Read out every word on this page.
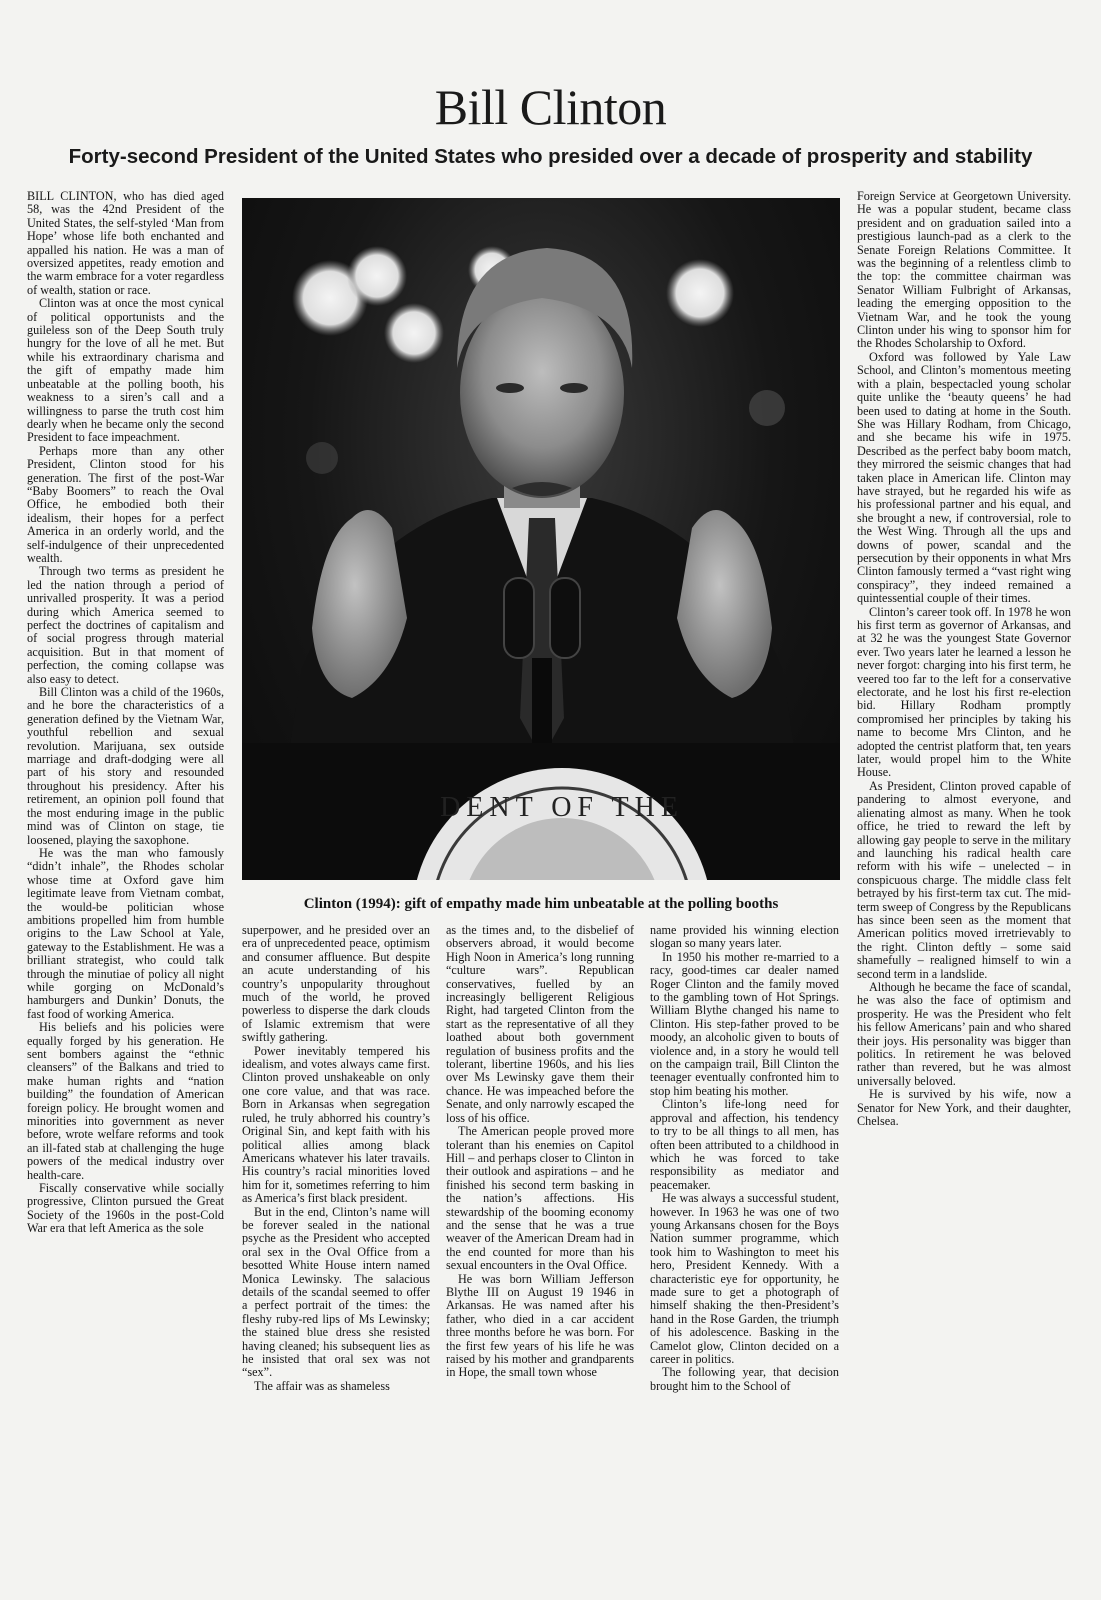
Bill Clinton
Forty-second President of the United States who presided over a decade of prosperity and stability

BILL CLINTON, who has died aged 58, was the 42nd President of the United States, the self-styled ‘Man from Hope’ whose life both enchanted and appalled his nation. He was a man of oversized appetites, ready emotion and the warm embrace for a voter regardless of wealth, station or race.

Clinton was at once the most cynical of political opportunists and the guileless son of the Deep South truly hungry for the love of all he met. But while his extraordinary charisma and the gift of empathy made him unbeatable at the polling booth, his weakness to a siren’s call and a willingness to parse the truth cost him dearly when he became only the second President to face impeachment.

Perhaps more than any other President, Clinton stood for his generation. The first of the post-War “Baby Boomers” to reach the Oval Office, he embodied both their idealism, their hopes for a perfect America in an orderly world, and the self-indulgence of their unprecedented wealth.

Through two terms as president he led the nation through a period of unrivalled prosperity. It was a period during which America seemed to perfect the doctrines of capitalism and of social progress through material acquisition. But in that moment of perfection, the coming collapse was also easy to detect.

Bill Clinton was a child of the 1960s, and he bore the characteristics of a generation defined by the Vietnam War, youthful rebellion and sexual revolution. Marijuana, sex outside marriage and draft-dodging were all part of his story and resounded throughout his presidency. After his retirement, an opinion poll found that the most enduring image in the public mind was of Clinton on stage, tie loosened, playing the saxophone.

He was the man who famously “didn’t inhale”, the Rhodes scholar whose time at Oxford gave him legitimate leave from Vietnam combat, the would-be politician whose ambitions propelled him from humble origins to the Law School at Yale, gateway to the Establishment. He was a brilliant strategist, who could talk through the minutiae of policy all night while gorging on McDonald’s hamburgers and Dunkin’ Donuts, the fast food of working America.

His beliefs and his policies were equally forged by his generation. He sent bombers against the “ethnic cleansers” of the Balkans and tried to make human rights and “nation building” the foundation of American foreign policy. He brought women and minorities into government as never before, wrote welfare reforms and took an ill-fated stab at challenging the huge powers of the medical industry over health-care.

Fiscally conservative while socially progressive, Clinton pursued the Great Society of the 1960s in the post-Cold War era that left America as the sole

DENT OF THE

Clinton (1994): gift of empathy made him unbeatable at the polling booths

superpower, and he presided over an era of unprecedented peace, optimism and consumer affluence. But despite an acute understanding of his country’s unpopularity throughout much of the world, he proved powerless to disperse the dark clouds of Islamic extremism that were swiftly gathering.

Power inevitably tempered his idealism, and votes always came first. Clinton proved unshakeable on only one core value, and that was race. Born in Arkansas when segregation ruled, he truly abhorred his country’s Original Sin, and kept faith with his political allies among black Americans whatever his later travails. His country’s racial minorities loved him for it, sometimes referring to him as America’s first black president.

But in the end, Clinton’s name will be forever sealed in the national psyche as the President who accepted oral sex in the Oval Office from a besotted White House intern named Monica Lewinsky. The salacious details of the scandal seemed to offer a perfect portrait of the times: the fleshy ruby-red lips of Ms Lewinsky; the stained blue dress she resisted having cleaned; his subsequent lies as he insisted that oral sex was not “sex”.

The affair was as shameless

as the times and, to the disbelief of observers abroad, it would become High Noon in America’s long running “culture wars”. Republican conservatives, fuelled by an increasingly belligerent Religious Right, had targeted Clinton from the start as the representative of all they loathed about both government regulation of business profits and the tolerant, libertine 1960s, and his lies over Ms Lewinsky gave them their chance. He was impeached before the Senate, and only narrowly escaped the loss of his office.

The American people proved more tolerant than his enemies on Capitol Hill – and perhaps closer to Clinton in their outlook and aspirations – and he finished his second term basking in the nation’s affections. His stewardship of the booming economy and the sense that he was a true weaver of the American Dream had in the end counted for more than his sexual encounters in the Oval Office.

He was born William Jefferson Blythe III on August 19 1946 in Arkansas. He was named after his father, who died in a car accident three months before he was born. For the first few years of his life he was raised by his mother and grandparents in Hope, the small town whose

name provided his winning election slogan so many years later.

In 1950 his mother re-married to a racy, good-times car dealer named Roger Clinton and the family moved to the gambling town of Hot Springs. William Blythe changed his name to Clinton. His step-father proved to be moody, an alcoholic given to bouts of violence and, in a story he would tell on the campaign trail, Bill Clinton the teenager eventually confronted him to stop him beating his mother.

Clinton’s life-long need for approval and affection, his tendency to try to be all things to all men, has often been attributed to a childhood in which he was forced to take responsibility as mediator and peacemaker.

He was always a successful student, however. In 1963 he was one of two young Arkansans chosen for the Boys Nation summer programme, which took him to Washington to meet his hero, President Kennedy. With a characteristic eye for opportunity, he made sure to get a photograph of himself shaking the then-President’s hand in the Rose Garden, the triumph of his adolescence. Basking in the Camelot glow, Clinton decided on a career in politics.

The following year, that decision brought him to the School of

Foreign Service at Georgetown University. He was a popular student, became class president and on graduation sailed into a prestigious launch-pad as a clerk to the Senate Foreign Relations Committee. It was the beginning of a relentless climb to the top: the committee chairman was Senator William Fulbright of Arkansas, leading the emerging opposition to the Vietnam War, and he took the young Clinton under his wing to sponsor him for the Rhodes Scholarship to Oxford.

Oxford was followed by Yale Law School, and Clinton’s momentous meeting with a plain, bespectacled young scholar quite unlike the ‘beauty queens’ he had been used to dating at home in the South. She was Hillary Rodham, from Chicago, and she became his wife in 1975. Described as the perfect baby boom match, they mirrored the seismic changes that had taken place in American life. Clinton may have strayed, but he regarded his wife as his professional partner and his equal, and she brought a new, if controversial, role to the West Wing. Through all the ups and downs of power, scandal and the persecution by their opponents in what Mrs Clinton famously termed a “vast right wing conspiracy”, they indeed remained a quintessential couple of their times.

Clinton’s career took off. In 1978 he won his first term as governor of Arkansas, and at 32 he was the youngest State Governor ever. Two years later he learned a lesson he never forgot: charging into his first term, he veered too far to the left for a conservative electorate, and he lost his first re-election bid. Hillary Rodham promptly compromised her principles by taking his name to become Mrs Clinton, and he adopted the centrist platform that, ten years later, would propel him to the White House.

As President, Clinton proved capable of pandering to almost everyone, and alienating almost as many. When he took office, he tried to reward the left by allowing gay people to serve in the military and launching his radical health care reform with his wife – unelected – in conspicuous charge. The middle class felt betrayed by his first-term tax cut. The mid-term sweep of Congress by the Republicans has since been seen as the moment that American politics moved irretrievably to the right. Clinton deftly – some said shamefully – realigned himself to win a second term in a landslide.

Although he became the face of scandal, he was also the face of optimism and prosperity. He was the President who felt his fellow Americans’ pain and who shared their joys. His personality was bigger than politics. In retirement he was beloved rather than revered, but he was almost universally beloved.

He is survived by his wife, now a Senator for New York, and their daughter, Chelsea.
